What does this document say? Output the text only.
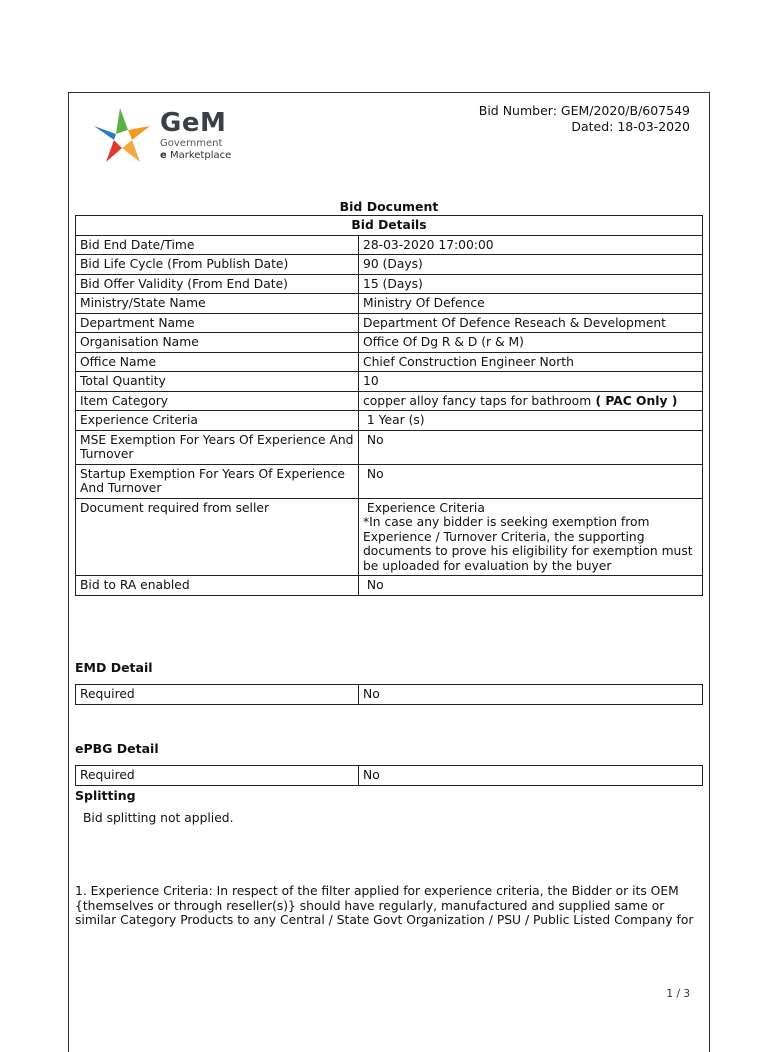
GeM
Government
e Marketplace
Bid Number: GEM/2020/B/607549
Dated: 18-03-2020
Bid Document
Bid Details	
Bid End Date/Time	28-03-2020 17:00:00
Bid Life Cycle (From Publish Date)	90 (Days)
Bid Offer Validity (From End Date)	15 (Days)
Ministry/State Name	Ministry Of Defence
Department Name	Department Of Defence Reseach & Development
Organisation Name	Office Of Dg R & D (r & M)
Office Name	Chief Construction Engineer North
Total Quantity	10
Item Category	copper alloy fancy taps for bathroom ( PAC Only )
Experience Criteria	1 Year (s)
MSE Exemption For Years Of Experience And Turnover	No
Startup Exemption For Years Of Experience And Turnover	No
Document required from seller	Experience Criteria
*In case any bidder is seeking exemption from Experience / Turnover Criteria, the supporting documents to prove his eligibility for exemption must be uploaded for evaluation by the buyer
Bid to RA enabled	No
EMD Detail
Required	No
ePBG Detail
Required	No
Splitting
Bid splitting not applied.
1. Experience Criteria: In respect of the filter applied for experience criteria, the Bidder or its OEM {themselves or through reseller(s)} should have regularly, manufactured and supplied same or similar Category Products to any Central / State Govt Organization / PSU / Public Listed Company for
1 / 3
